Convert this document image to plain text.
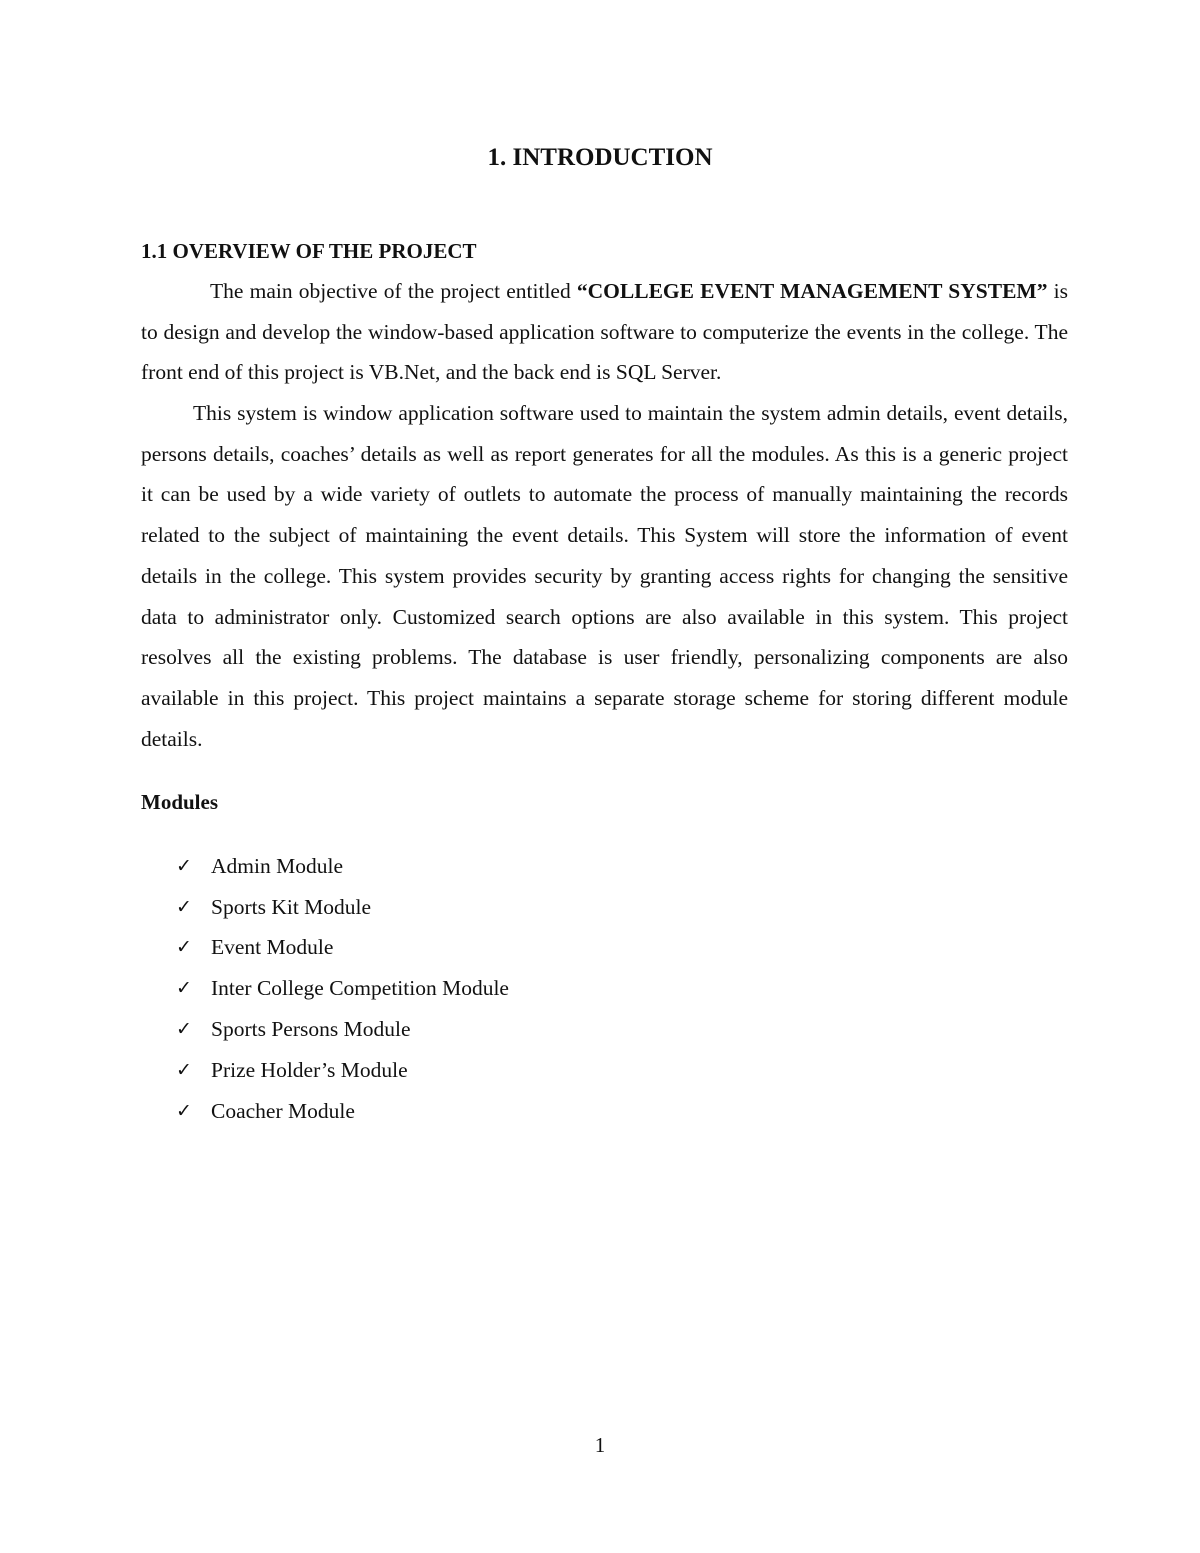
1. INTRODUCTION
1.1 OVERVIEW OF THE PROJECT

The main objective of the project entitled “COLLEGE EVENT MANAGEMENT SYSTEM” is to design and develop the window-based application software to computerize the events in the college. The front end of this project is VB.Net, and the back end is SQL Server.

This system is window application software used to maintain the system admin details, event details, persons details, coaches’ details as well as report generates for all the modules. As this is a generic project it can be used by a wide variety of outlets to automate the process of manually maintaining the records related to the subject of maintaining the event details. This System will store the information of event details in the college. This system provides security by granting access rights for changing the sensitive data to administrator only. Customized search options are also available in this system. This project resolves all the existing problems. The database is user friendly, personalizing components are also available in this project. This project maintains a separate storage scheme for storing different module details.

Modules
✓ Admin Module
✓ Sports Kit Module
✓ Event Module
✓ Inter College Competition Module
✓ Sports Persons Module
✓ Prize Holder’s Module
✓ Coacher Module
1
